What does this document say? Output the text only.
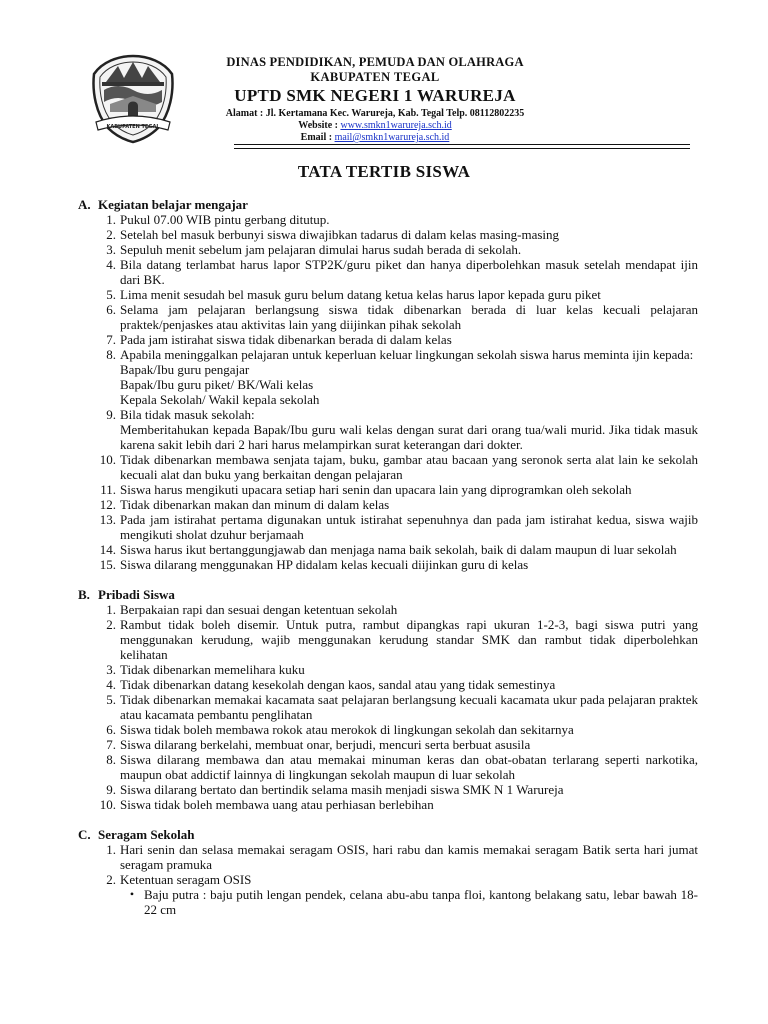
KABUPATEN TEGAL
DINAS PENDIDIKAN, PEMUDA DAN OLAHRAGA
KABUPATEN TEGAL
UPTD SMK NEGERI 1 WARUREJA
Alamat : Jl. Kertamana Kec. Warureja, Kab. Tegal Telp. 08112802235
Website : www.smkn1warureja.sch.id
Email : mail@smkn1warureja.sch.id
TATA TERTIB SISWA
A. Kegiatan belajar mengajar
1. Pukul 07.00 WIB pintu gerbang ditutup.
2. Setelah bel masuk berbunyi siswa diwajibkan tadarus di dalam kelas masing-masing
3. Sepuluh menit sebelum jam pelajaran dimulai harus sudah berada di sekolah.
4. Bila datang terlambat harus lapor STP2K/guru piket dan hanya diperbolehkan masuk setelah mendapat ijin dari BK.
5. Lima menit sesudah bel masuk guru belum datang ketua kelas harus lapor kepada guru piket
6. Selama jam pelajaran berlangsung siswa tidak dibenarkan berada di luar kelas kecuali pelajaran praktek/penjaskes atau aktivitas lain yang diijinkan pihak sekolah
7. Pada jam istirahat siswa tidak dibenarkan berada di dalam kelas
8. Apabila meninggalkan pelajaran untuk keperluan keluar lingkungan sekolah siswa harus meminta ijin kepada:
Bapak/Ibu guru pengajar
Bapak/Ibu guru piket/ BK/Wali kelas
Kepala Sekolah/ Wakil kepala sekolah
9. Bila tidak masuk sekolah:
Memberitahukan kepada Bapak/Ibu guru wali kelas dengan surat dari orang tua/wali murid. Jika tidak masuk karena sakit lebih dari 2 hari harus melampirkan surat keterangan dari dokter.
10. Tidak dibenarkan membawa senjata tajam, buku, gambar atau bacaan yang seronok serta alat lain ke sekolah kecuali alat dan buku yang berkaitan dengan pelajaran
11. Siswa harus mengikuti upacara setiap hari senin dan upacara lain yang diprogramkan oleh sekolah
12. Tidak dibenarkan makan dan minum di dalam kelas
13. Pada jam istirahat pertama digunakan untuk istirahat sepenuhnya dan pada jam istirahat kedua, siswa wajib mengikuti sholat dzuhur berjamaah
14. Siswa harus ikut bertanggungjawab dan menjaga nama baik sekolah, baik di dalam maupun di luar sekolah
15. Siswa dilarang menggunakan HP didalam kelas kecuali diijinkan guru di kelas
B. Pribadi Siswa
1. Berpakaian rapi dan sesuai dengan ketentuan sekolah
2. Rambut tidak boleh disemir. Untuk putra, rambut dipangkas rapi ukuran 1-2-3, bagi siswa putri yang menggunakan kerudung, wajib menggunakan kerudung standar SMK dan rambut tidak diperbolehkan kelihatan
3. Tidak dibenarkan memelihara kuku
4. Tidak dibenarkan datang kesekolah dengan kaos, sandal atau yang tidak semestinya
5. Tidak dibenarkan memakai kacamata saat pelajaran berlangsung kecuali kacamata ukur pada pelajaran praktek atau kacamata pembantu penglihatan
6. Siswa tidak boleh membawa rokok atau merokok di lingkungan sekolah dan sekitarnya
7. Siswa dilarang berkelahi, membuat onar, berjudi, mencuri serta berbuat asusila
8. Siswa dilarang membawa dan atau memakai minuman keras dan obat-obatan terlarang seperti narkotika, maupun obat addictif lainnya di lingkungan sekolah maupun di luar sekolah
9. Siswa dilarang bertato dan bertindik selama masih menjadi siswa SMK N 1 Warureja
10. Siswa tidak boleh membawa uang atau perhiasan berlebihan
C. Seragam Sekolah
1. Hari senin dan selasa memakai seragam OSIS, hari rabu dan kamis memakai seragam Batik serta hari jumat seragam pramuka
2. Ketentuan seragam OSIS
• Baju putra : baju putih lengan pendek, celana abu-abu tanpa floi, kantong belakang satu, lebar bawah 18-22 cm
